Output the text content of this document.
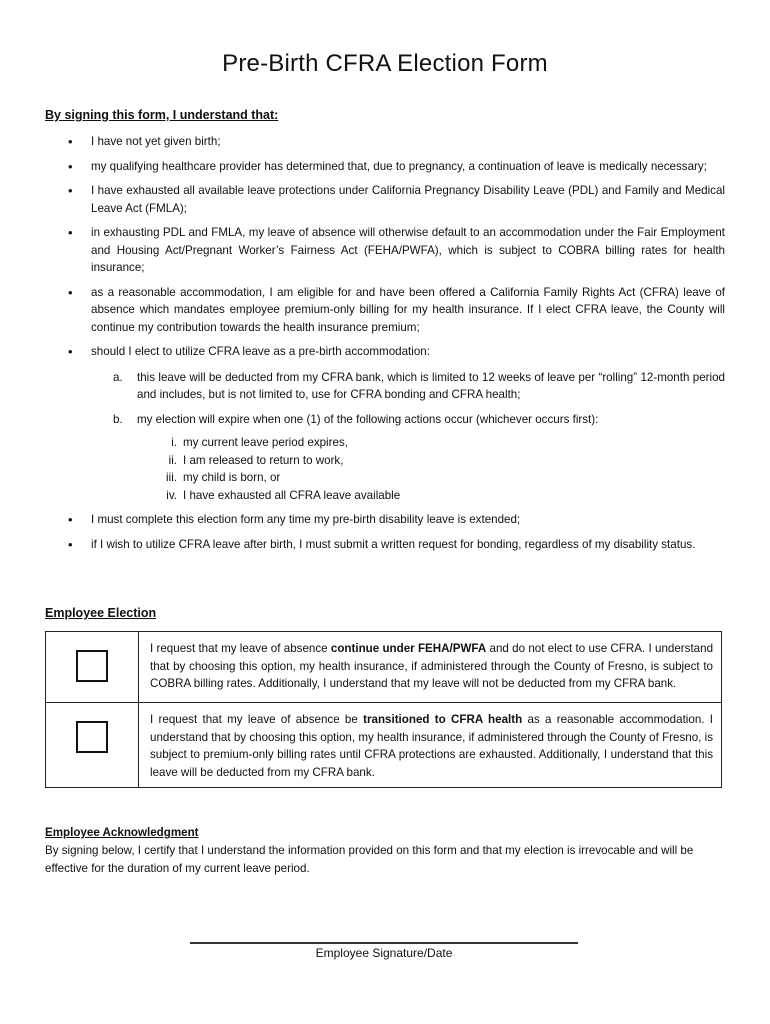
Pre-Birth CFRA Election Form
By signing this form, I understand that:
• I have not yet given birth;
• my qualifying healthcare provider has determined that, due to pregnancy, a continuation of leave is medically necessary;
• I have exhausted all available leave protections under California Pregnancy Disability Leave (PDL) and Family and Medical Leave Act (FMLA);
• in exhausting PDL and FMLA, my leave of absence will otherwise default to an accommodation under the Fair Employment and Housing Act/Pregnant Worker’s Fairness Act (FEHA/PWFA), which is subject to COBRA billing rates for health insurance;
• as a reasonable accommodation, I am eligible for and have been offered a California Family Rights Act (CFRA) leave of absence which mandates employee premium-only billing for my health insurance. If I elect CFRA leave, the County will continue my contribution towards the health insurance premium;
• should I elect to utilize CFRA leave as a pre-birth accommodation:
a. this leave will be deducted from my CFRA bank, which is limited to 12 weeks of leave per “rolling” 12-month period and includes, but is not limited to, use for CFRA bonding and CFRA health;
b. my election will expire when one (1) of the following actions occur (whichever occurs first):
i. my current leave period expires,
ii. I am released to return to work,
iii. my child is born, or
iv. I have exhausted all CFRA leave available
• I must complete this election form any time my pre-birth disability leave is extended;
• if I wish to utilize CFRA leave after birth, I must submit a written request for bonding, regardless of my disability status.
Employee Election
	I request that my leave of absence continue under FEHA/PWFA and do not elect to use CFRA. I understand that by choosing this option, my health insurance, if administered through the County of Fresno, is subject to COBRA billing rates. Additionally, I understand that my leave will not be deducted from my CFRA bank.
	I request that my leave of absence be transitioned to CFRA health as a reasonable accommodation. I understand that by choosing this option, my health insurance, if administered through the County of Fresno, is subject to premium-only billing rates until CFRA protections are exhausted. Additionally, I understand that this leave will be deducted from my CFRA bank.
Employee Acknowledgment
By signing below, I certify that I understand the information provided on this form and that my election is irrevocable and will be effective for the duration of my current leave period.
Employee Signature/Date
